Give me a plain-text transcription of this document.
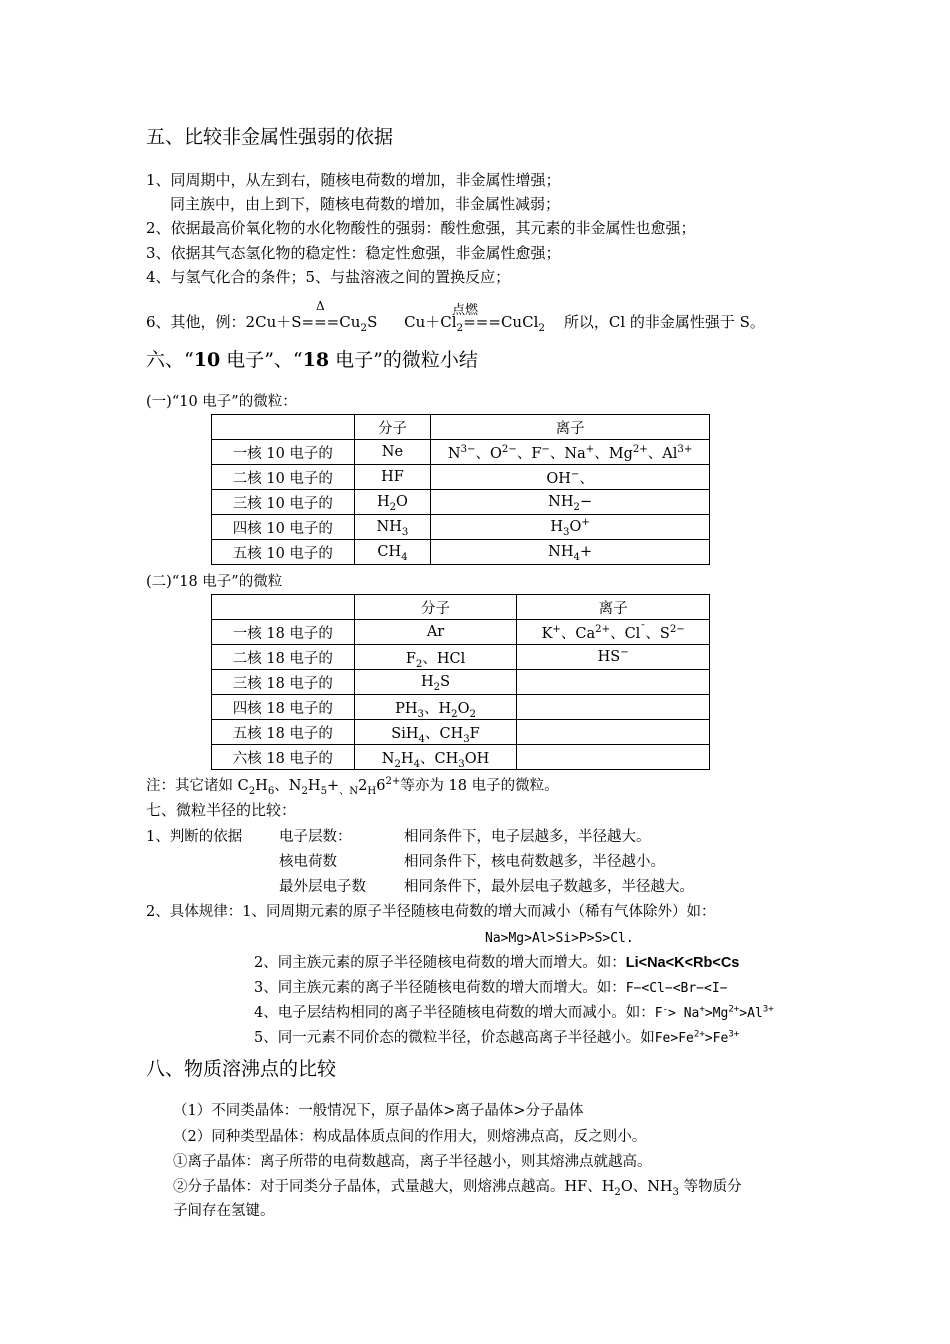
五、比较非金属性强弱的依据
1、同周期中，从左到右，随核电荷数的增加，非金属性增强；
同主族中，由上到下，随核电荷数的增加，非金属性减弱；
2、依据最高价氧化物的水化物酸性的强弱：酸性愈强，其元素的非金属性也愈强；
3、依据其气态氢化物的稳定性：稳定性愈强，非金属性愈强；
4、与氢气化合的条件；5、与盐溶液之间的置换反应；
6、其他，例：$2Cu+S===Cu_2S$ $Cu+Cl_2===CuCl_2$ 所以，Cl 的非金属性强于 S。
Δ	点燃
六、“10 电子”、“18 电子”的微粒小结
(一)“10 电子”的微粒：
	分子	离子
一核 10 电子的	Ne	$N^{3-}$、$O^{2-}$、F−、Na+、$Mg^{2+}$、$Al^{3+}$
二核 10 电子的	HF	OH−、
三核 10 电子的	$H_2O$	$NH_2-$
四核 10 电子的	$NH_3$	$H_3O^+$
五核 10 电子的	$CH_4$	$NH_4+$
(二)“18 电子”的微粒
	分子	离子
一核 18 电子的	Ar	K+、$Ca^{2+}$、$Cl^ˉ$、$S^{2-}$
二核 18 电子的	$F_2$、HCl	HS−
三核 18 电子的	$H_2S$	
四核 18 电子的	$PH_3$、$H_2O_2$	
五核 18 电子的	SiH$_4$、$CH_3F$	
六核 18 电子的	$N_2H_4$、$CH_3OH$	
注：其它诸如 $C_2H_6$、$N_2H_5+_{、N}2_H6^{2+}$等亦为 18 电子的微粒。
七、微粒半径的比较：
1、判断的依据	电子层数：	相同条件下，电子层越多，半径越大。
核电荷数	相同条件下，核电荷数越多，半径越小。
最外层电子数	相同条件下，最外层电子数越多，半径越大。
2、具体规律：1、同周期元素的原子半径随核电荷数的增大而减小（稀有气体除外）如：
Na>Mg>Al>Si>P>S>Cl.
2、同主族元素的原子半径随核电荷数的增大而增大。如：Li<Na<K<Rb<Cs
3、同主族元素的离子半径随核电荷数的增大而增大。如：F−<Cl−<Br−<I−
4、电子层结构相同的离子半径随核电荷数的增大而减小。如：$F^-> Na^+>Mg^{2+}>Al^{3+}$
5、同一元素不同价态的微粒半径，价态越高离子半径越小。如$Fe>Fe^{2+}>Fe^{3+}$
八、物质溶沸点的比较
（1）不同类晶体：一般情况下，原子晶体>离子晶体>分子晶体
（2）同种类型晶体：构成晶体质点间的作用大，则熔沸点高，反之则小。
①离子晶体：离子所带的电荷数越高，离子半径越小，则其熔沸点就越高。
②分子晶体：对于同类分子晶体，式量越大，则熔沸点越高。HF、$H_2O$、$NH_3$ 等物质分
子间存在氢键。
